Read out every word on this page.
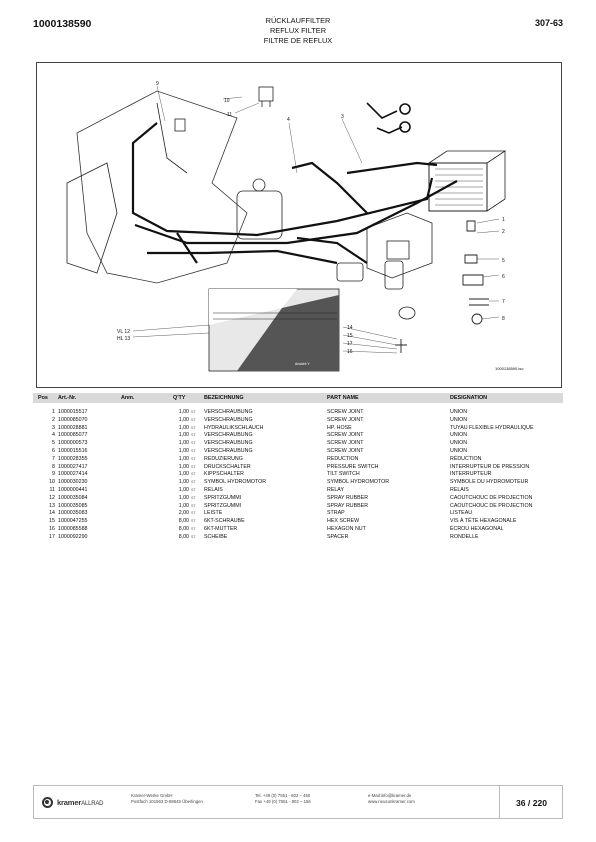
1000138590	RÜCKLAUFFILTER
REFLUX FILTER
FILTRE DE REFLUX
307-63
Ansicht Y
1
2
3
4
5
6
7
8
9
10
11
14
15
17
16
VL 12
HL 13
1000138590.iso
Pos Art.-Nr.	Anm.	Q'TY	BEZEICHNUNG	PART NAME	DESIGNATION
1 1000015517	1,00 ST VERSCHRAUBUNG	SCREW JOINT	UNION
2 1000085070	1,00 ST VERSCHRAUBUNG	SCREW JOINT	UNION
3 1000028881	1,00 ST HYDRAULIKSCHLAUCH	HP. HOSE	TUYAU FLEXIBLE HYDRAULIQUE
4 1000085077	1,00 ST VERSCHRAUBUNG	SCREW JOINT	UNION
5 1000000573	1,00 ST VERSCHRAUBUNG	SCREW JOINT	UNION
6 1000015516	1,00 ST VERSCHRAUBUNG	SCREW JOINT	UNION
7 1000028355	1,00 ST REDUZIERUNG	REDUCTION	RÉDUCTION
8 1000027417	1,00 ST DRUCKSCHALTER	PRESSURE SWITCH	INTERRUPTEUR DE PRESSION
9 1000027414	1,00 ST KIPPSCHALTER	TILT SWITCH	INTERRUPTEUR
10 1000030230	1,00 ST SYMBOL HYDROMOTOR	SYMBOL HYDROMOTOR	SYMBOLE DU HYDROMOTEUR
11 1000000441	1,00 ST RELAIS	RELAY	RELAIS
12 1000035084	1,00 ST SPRITZGUMMI	SPRAY RUBBER	CAOUTCHOUC DE PROJECTION
13 1000035085	1,00 ST SPRITZGUMMI	SPRAY RUBBER	CAOUTCHOUC DE PROJECTION
14 1000035083	2,00 ST LEISTE	STRAP	LISTEAU
15 1000047255	8,00 ST 6KT-SCHRAUBE	HEX SCREW	VIS À TÊTE HEXAGONALE
16 1000085588	8,00 ST 6KT-MUTTER	HEXAGON NUT	ÉCROU HEXAGONAL
17 1000092290	8,00 ST SCHEIBE	SPACER	RONDELLE
kramerALLRAD
Kramer-Werke GmbH
Postfach 101563 D-88645 Überlingen
Tel. +49 (0) 7551 - 802 – 450
Fax +49 (0) 7551 - 802 – 156
e-Mail:info@kramer.de
www.neusonkramer.com	36 / 220
